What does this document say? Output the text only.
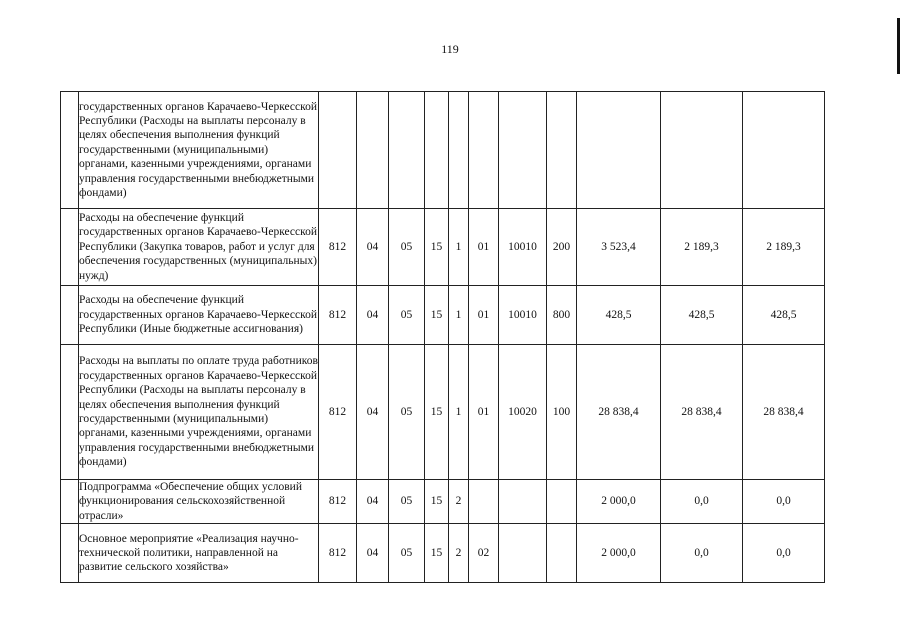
119
	государственных органов Карачаево-Черкесской Республики (Расходы на выплаты персоналу в целях обеспечения выполнения функций государственными (муниципальными) органами, казенными учреждениями, органами управления государственными внебюджетными фондами)											
	Расходы на обеспечение функций государственных органов Карачаево-Черкесской Республики (Закупка товаров, работ и услуг для обеспечения государственных (муниципальных) нужд)	812	04	05	15	1	01	10010	200	3 523,4	2 189,3	2 189,3
	Расходы на обеспечение функций государственных органов Карачаево-Черкесской Республики (Иные бюджетные ассигнования)	812	04	05	15	1	01	10010	800	428,5	428,5	428,5
	Расходы на выплаты по оплате труда работников государственных органов Карачаево-Черкесской Республики (Расходы на выплаты персоналу в целях обеспечения выполнения функций государственными (муниципальными) органами, казенными учреждениями, органами управления государственными внебюджетными фондами)	812	04	05	15	1	01	10020	100	28 838,4	28 838,4	28 838,4
	Подпрограмма «Обеспечение общих условий функционирования сельскохозяйственной отрасли»	812	04	05	15	2				2 000,0	0,0	0,0
	Основное мероприятие «Реализация научно-технической политики, направленной на развитие сельского хозяйства»	812	04	05	15	2	02			2 000,0	0,0	0,0
